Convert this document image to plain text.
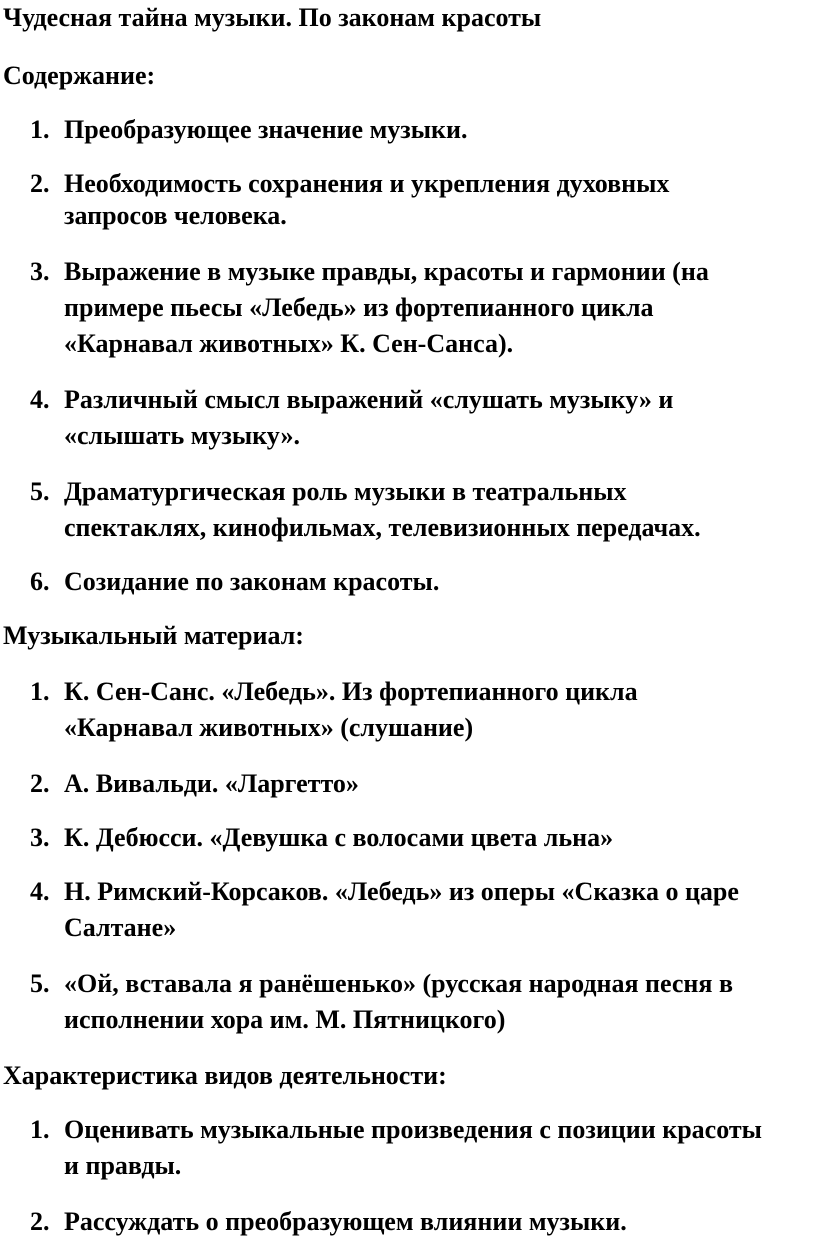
Чудесная тайна музыки. По законам красоты
Содержание:
1. Преобразующее значение музыки.
2. Необходимость сохранения и укрепления духовных
запросов человека.
3. Выражение в музыке правды, красоты и гармонии (на
примере пьесы «Лебедь» из фортепианного цикла
«Карнавал животных» К. Сен-Санса).
4. Различный смысл выражений «слушать музыку» и
«слышать музыку».
5. Драматургическая роль музыки в театральных
спектаклях, кинофильмах, телевизионных передачах.
6. Созидание по законам красоты.
Музыкальный материал:
1. К. Сен-Санс. «Лебедь». Из фортепианного цикла
«Карнавал животных» (слушание)
2. А. Вивальди. «Ларгетто»
3. К. Дебюсси. «Девушка с волосами цвета льна»
4. Н. Римский-Корсаков. «Лебедь» из оперы «Сказка о царе
Салтане»
5. «Ой, вставала я ранёшенько» (русская народная песня в
исполнении хора им. М. Пятницкого)
Характеристика видов деятельности:
1. Оценивать музыкальные произведения с позиции красоты
и правды.
2. Рассуждать о преобразующем влиянии музыки.
